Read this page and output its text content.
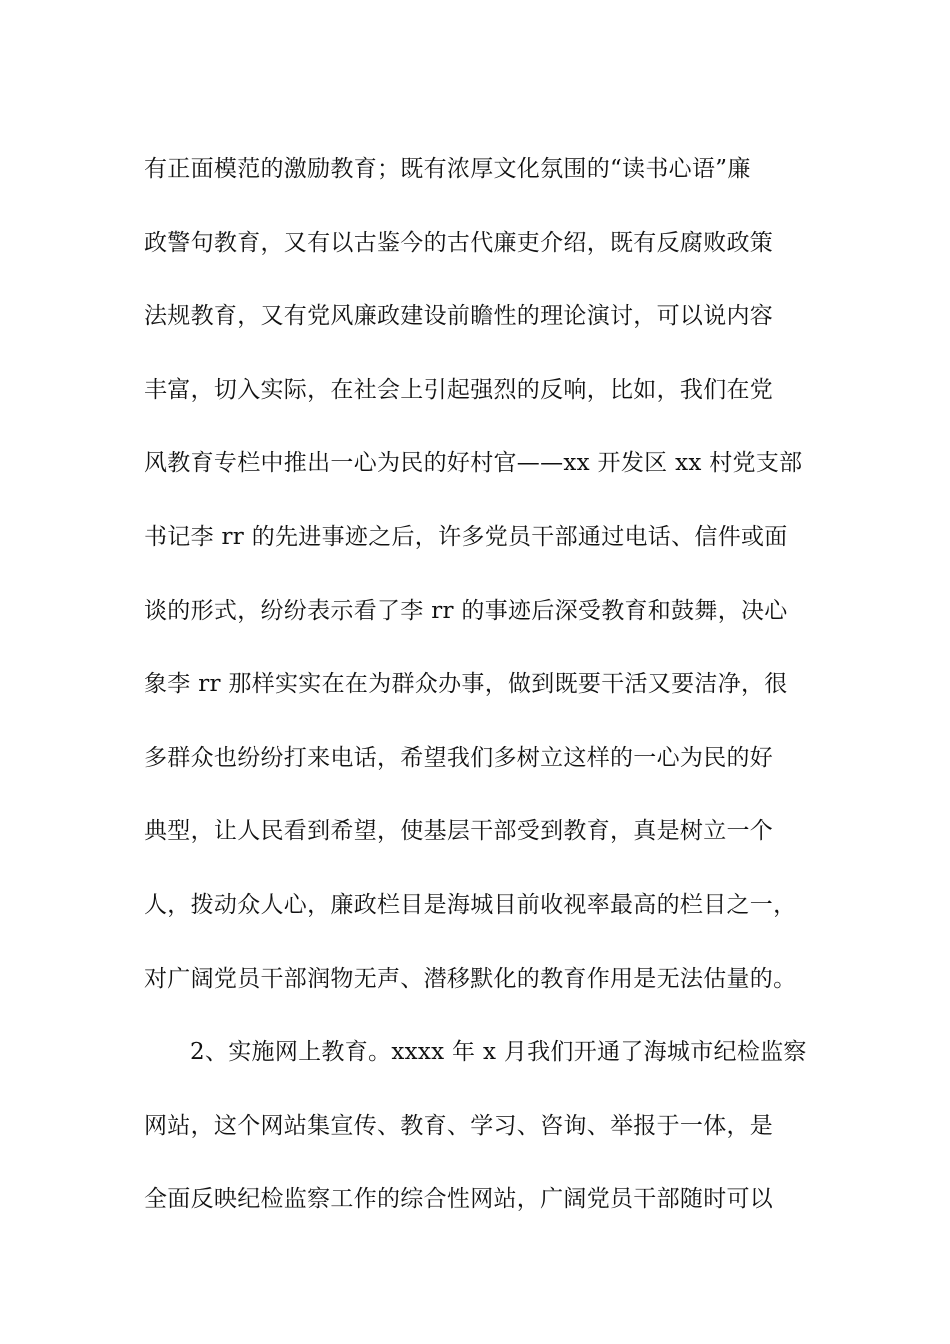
有正面模范的激励教育；既有浓厚文化氛围的“读书心语”廉
政警句教育，又有以古鉴今的古代廉吏介绍，既有反腐败政策
法规教育，又有党风廉政建设前瞻性的理论演讨，可以说内容
丰富，切入实际，在社会上引起强烈的反响，比如，我们在党
风教育专栏中推出一心为民的好村官——xx 开发区 xx 村党支部
书记李 rr 的先进事迹之后，许多党员干部通过电话、信件或面
谈的形式，纷纷表示看了李 rr 的事迹后深受教育和鼓舞，决心
象李 rr 那样实实在在为群众办事，做到既要干活又要洁净，很
多群众也纷纷打来电话，希望我们多树立这样的一心为民的好
典型，让人民看到希望，使基层干部受到教育，真是树立一个
人，拨动众人心，廉政栏目是海城目前收视率最高的栏目之一，
对广阔党员干部润物无声、潜移默化的教育作用是无法估量的。
2、实施网上教育。xxxx 年 x 月我们开通了海城市纪检监察
网站，这个网站集宣传、教育、学习、咨询、举报于一体，是
全面反映纪检监察工作的综合性网站，广阔党员干部随时可以
